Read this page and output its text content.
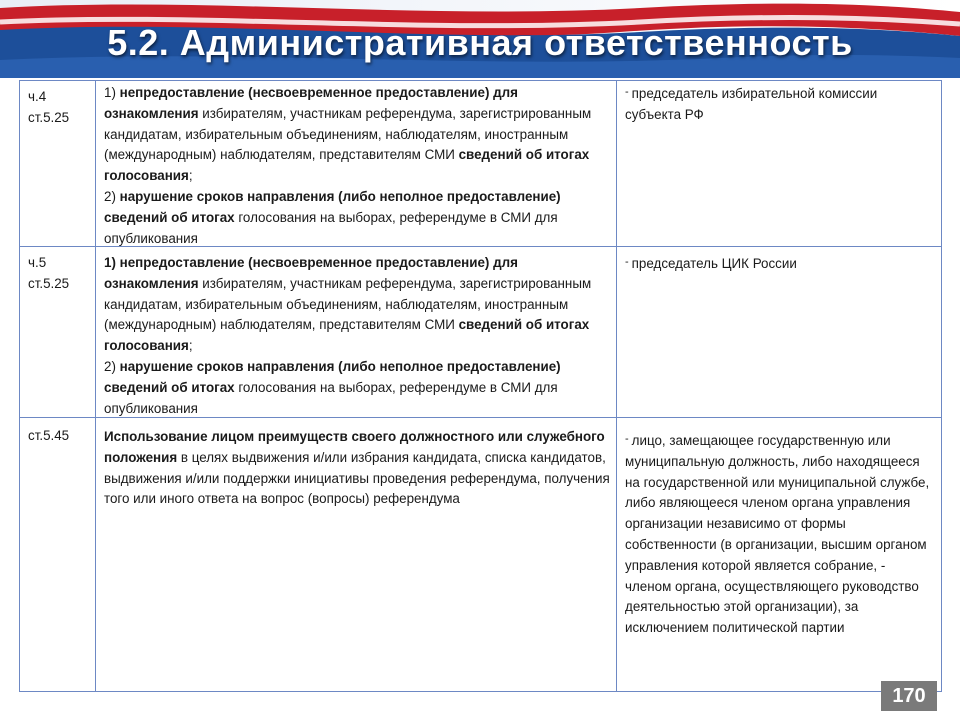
5.2. Административная ответственность
ч.4
ст.5.25
1) непредоставление (несвоевременное предоставление) для ознакомления избирателям, участникам референдума, зарегистрированным кандидатам, избирательным объединениям, наблюдателям, иностранным (международным) наблюдателям, представителям СМИ сведений об итогах голосования;
2) нарушение сроков направления (либо неполное предоставление) сведений об итогах голосования на выборах, референдуме в СМИ для опубликования
- председатель избирательной комиссии субъекта РФ
ч.5
ст.5.25
1) непредоставление (несвоевременное предоставление) для ознакомления избирателям, участникам референдума, зарегистрированным кандидатам, избирательным объединениям, наблюдателям, иностранным (международным) наблюдателям, представителям СМИ сведений об итогах голосования;
2) нарушение сроков направления (либо неполное предоставление) сведений об итогах голосования на выборах, референдуме в СМИ для опубликования
- председатель ЦИК России
ст.5.45	Использование лицом преимуществ своего должностного или служебного положения в целях выдвижения и/или избрания кандидата, списка кандидатов, выдвижения и/или поддержки инициативы проведения референдума, получения того или иного ответа на вопрос (вопросы) референдума
- лицо, замещающее государственную или муниципальную должность, либо находящееся на государственной или муниципальной службе, либо являющееся членом органа управления организации независимо от формы собственности (в организации, высшим органом управления которой является собрание, - членом органа, осуществляющего руководство деятельностью этой организации), за исключением политической партии
170
